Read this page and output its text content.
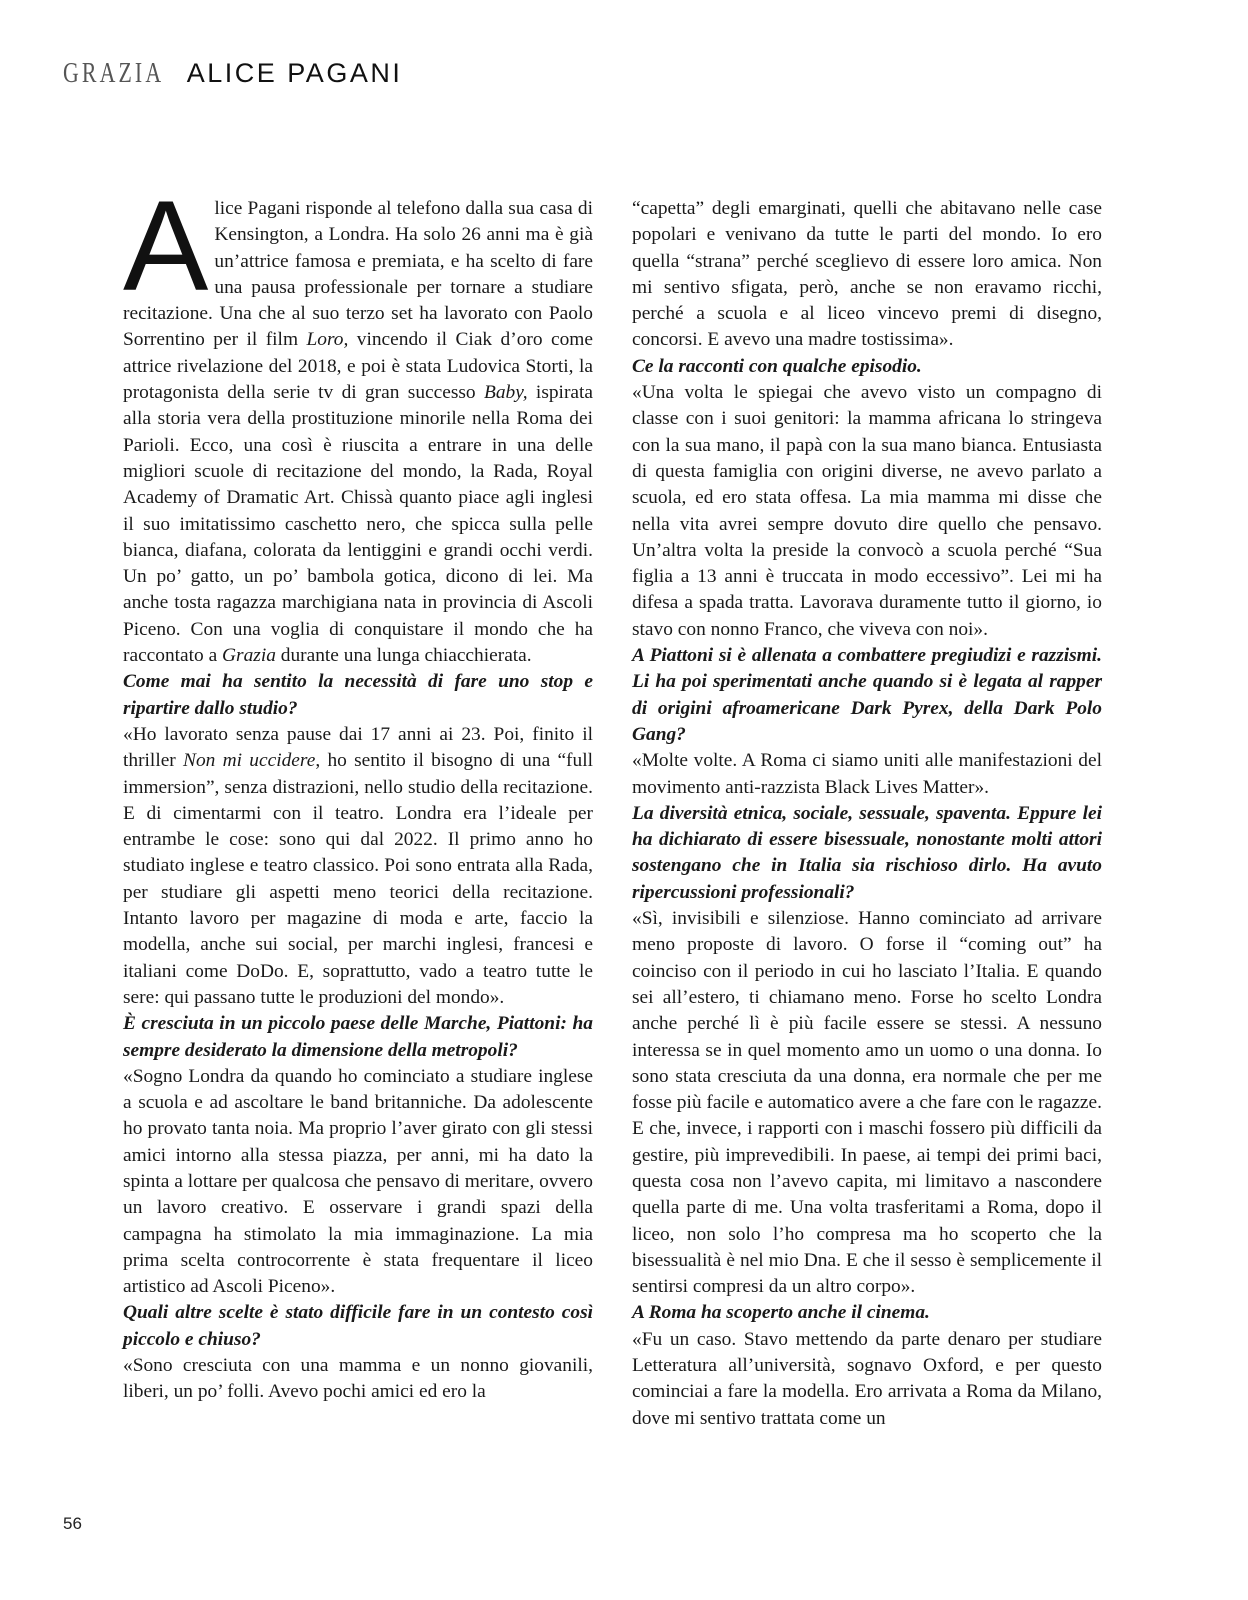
GRAZIA ALICE PAGANI

Alice Pagani risponde al telefono dalla sua casa di Kensington, a Londra. Ha solo 26 anni ma è già un’attrice famosa e premiata, e ha scelto di fare una pausa professionale per tornare a studiare recitazione. Una che al suo terzo set ha lavorato con Paolo Sorrentino per il film Loro, vincendo il Ciak d’oro come attrice rivelazione del 2018, e poi è stata Ludovica Storti, la protagonista della serie tv di gran successo Baby, ispirata alla storia vera della prostituzione minorile nella Roma dei Parioli. Ecco, una così è riuscita a entrare in una delle migliori scuole di recitazione del mondo, la Rada, Royal Academy of Dramatic Art. Chissà quanto piace agli inglesi il suo imitatissimo caschetto nero, che spicca sulla pelle bianca, diafana, colorata da lentiggini e grandi occhi verdi. Un po’ gatto, un po’ bambola gotica, dicono di lei. Ma anche tosta ragazza marchigiana nata in provincia di Ascoli Piceno. Con una voglia di conquistare il mondo che ha raccontato a Grazia durante una lunga chiacchierata.

Come mai ha sentito la necessità di fare uno stop e ripartire dallo studio?

«Ho lavorato senza pause dai 17 anni ai 23. Poi, finito il thriller Non mi uccidere, ho sentito il bisogno di una “full immersion”, senza distrazioni, nello studio della recitazione. E di cimentarmi con il teatro. Londra era l’ideale per entrambe le cose: sono qui dal 2022. Il primo anno ho studiato inglese e teatro classico. Poi sono entrata alla Rada, per studiare gli aspetti meno teorici della recitazione. Intanto lavoro per magazine di moda e arte, faccio la modella, anche sui social, per marchi inglesi, francesi e italiani come DoDo. E, soprattutto, vado a teatro tutte le sere: qui passano tutte le produzioni del mondo».

È cresciuta in un piccolo paese delle Marche, Piattoni: ha sempre desiderato la dimensione della metropoli?

«Sogno Londra da quando ho cominciato a studiare inglese a scuola e ad ascoltare le band britanniche. Da adolescente ho provato tanta noia. Ma proprio l’aver girato con gli stessi amici intorno alla stessa piazza, per anni, mi ha dato la spinta a lottare per qualcosa che pensavo di meritare, ovvero un lavoro creativo. E osservare i grandi spazi della campagna ha stimolato la mia immaginazione. La mia prima scelta controcorrente è stata frequentare il liceo artistico ad Ascoli Piceno».

Quali altre scelte è stato difficile fare in un contesto così piccolo e chiuso?

«Sono cresciuta con una mamma e un nonno giovanili, liberi, un po’ folli. Avevo pochi amici ed ero la

“capetta” degli emarginati, quelli che abitavano nelle case popolari e venivano da tutte le parti del mondo. Io ero quella “strana” perché sceglievo di essere loro amica. Non mi sentivo sfigata, però, anche se non eravamo ricchi, perché a scuola e al liceo vincevo premi di disegno, concorsi. E avevo una madre tostissima».

Ce la racconti con qualche episodio.

«Una volta le spiegai che avevo visto un compagno di classe con i suoi genitori: la mamma africana lo stringeva con la sua mano, il papà con la sua mano bianca. Entusiasta di questa famiglia con origini diverse, ne avevo parlato a scuola, ed ero stata offesa. La mia mamma mi disse che nella vita avrei sempre dovuto dire quello che pensavo. Un’altra volta la preside la convocò a scuola perché “Sua figlia a 13 anni è truccata in modo eccessivo”. Lei mi ha difesa a spada tratta. Lavorava duramente tutto il giorno, io stavo con nonno Franco, che viveva con noi».

A Piattoni si è allenata a combattere pregiudizi e razzismi. Li ha poi sperimentati anche quando si è legata al rapper di origini afroamericane Dark Pyrex, della Dark Polo Gang?

«Molte volte. A Roma ci siamo uniti alle manifestazioni del movimento anti-razzista Black Lives Matter».

La diversità etnica, sociale, sessuale, spaventa. Eppure lei ha dichiarato di essere bisessuale, nonostante molti attori sostengano che in Italia sia rischioso dirlo. Ha avuto ripercussioni professionali?

«Sì, invisibili e silenziose. Hanno cominciato ad arrivare meno proposte di lavoro. O forse il “coming out” ha coinciso con il periodo in cui ho lasciato l’Italia. E quando sei all’estero, ti chiamano meno. Forse ho scelto Londra anche perché lì è più facile essere se stessi. A nessuno interessa se in quel momento amo un uomo o una donna. Io sono stata cresciuta da una donna, era normale che per me fosse più facile e automatico avere a che fare con le ragazze. E che, invece, i rapporti con i maschi fossero più difficili da gestire, più imprevedibili. In paese, ai tempi dei primi baci, questa cosa non l’avevo capita, mi limitavo a nascondere quella parte di me. Una volta trasferitami a Roma, dopo il liceo, non solo l’ho compresa ma ho scoperto che la bisessualità è nel mio Dna. E che il sesso è semplicemente il sentirsi compresi da un altro corpo».

A Roma ha scoperto anche il cinema.

«Fu un caso. Stavo mettendo da parte denaro per studiare Letteratura all’università, sognavo Oxford, e per questo cominciai a fare la modella. Ero arrivata a Roma da Milano, dove mi sentivo trattata come un

56
